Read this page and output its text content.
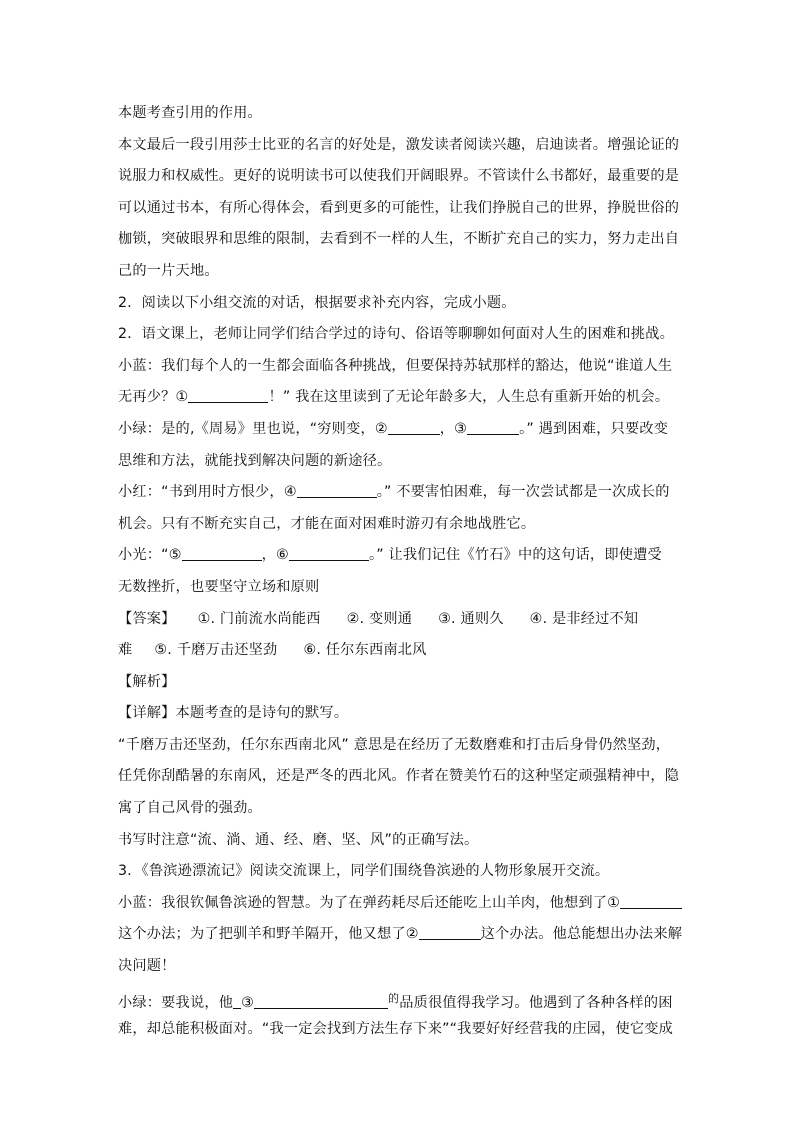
本题考查引用的作用。
本文最后一段引用莎士比亚的名言的好处是，激发读者阅读兴趣，启迪读者。增强论证的
说服力和权威性。更好的说明读书可以使我们开阔眼界。不管读什么书都好，最重要的是
可以通过书本，有所心得体会，看到更多的可能性，让我们挣脱自己的世界，挣脱世俗的
枷锁，突破眼界和思维的限制，去看到不一样的人生，不断扩充自己的实力，努力走出自
己的一片天地。
2．阅读以下小组交流的对话，根据要求补充内容，完成小题。
2．语文课上，老师让同学们结合学过的诗句、俗语等聊聊如何面对人生的困难和挑战。
小蓝：我们每个人的一生都会面临各种挑战，但要保持苏轼那样的豁达，他说“谁道人生
无再少？①	！” 我在这里读到了无论年龄多大，人生总有重新开始的机会。
小绿：是的,《周易》里也说，“穷则变，②	，③	。” 遇到困难，只要改变
思维和方法，就能找到解决问题的新途径。
小红：“书到用时方恨少，④	。” 不要害怕困难，每一次尝试都是一次成长的
机会。只有不断充实自己，才能在面对困难时游刃有余地战胜它。
小光：“⑤	，⑥	。” 让我们记住《竹石》中的这句话，即使遭受
无数挫折，也要坚守立场和原则
【答案】 ①. 门前流水尚能西 ②. 变则通 ③. 通则久 ④. 是非经过不知
难 ⑤. 千磨万击还坚劲 ⑥. 任尔东西南北风
【解析】
【详解】本题考查的是诗句的默写。
“千磨万击还坚劲，任尔东西南北风” 意思是在经历了无数磨难和打击后身骨仍然坚劲，
任凭你刮酷暑的东南风，还是严冬的西北风。作者在赞美竹石的这种坚定顽强精神中，隐
寓了自己风骨的强劲。
书写时注意“流、淌、通、经、磨、坚、风”的正确写法。
3．《鲁滨逊漂流记》阅读交流课上，同学们围绕鲁滨逊的人物形象展开交流。
小蓝：我很钦佩鲁滨逊的智慧。为了在弹药耗尽后还能吃上山羊肉，他想到了①
这个办法；为了把驯羊和野羊隔开，他又想了②	这个办法。他总能想出办法来解
决问题！
小绿：要我说，他 ③	$^的$品质很值得我学习。他遇到了各种各样的困
难，却总能积极面对。“我一定会找到方法生存下来”“我要好好经营我的庄园，使它变成
